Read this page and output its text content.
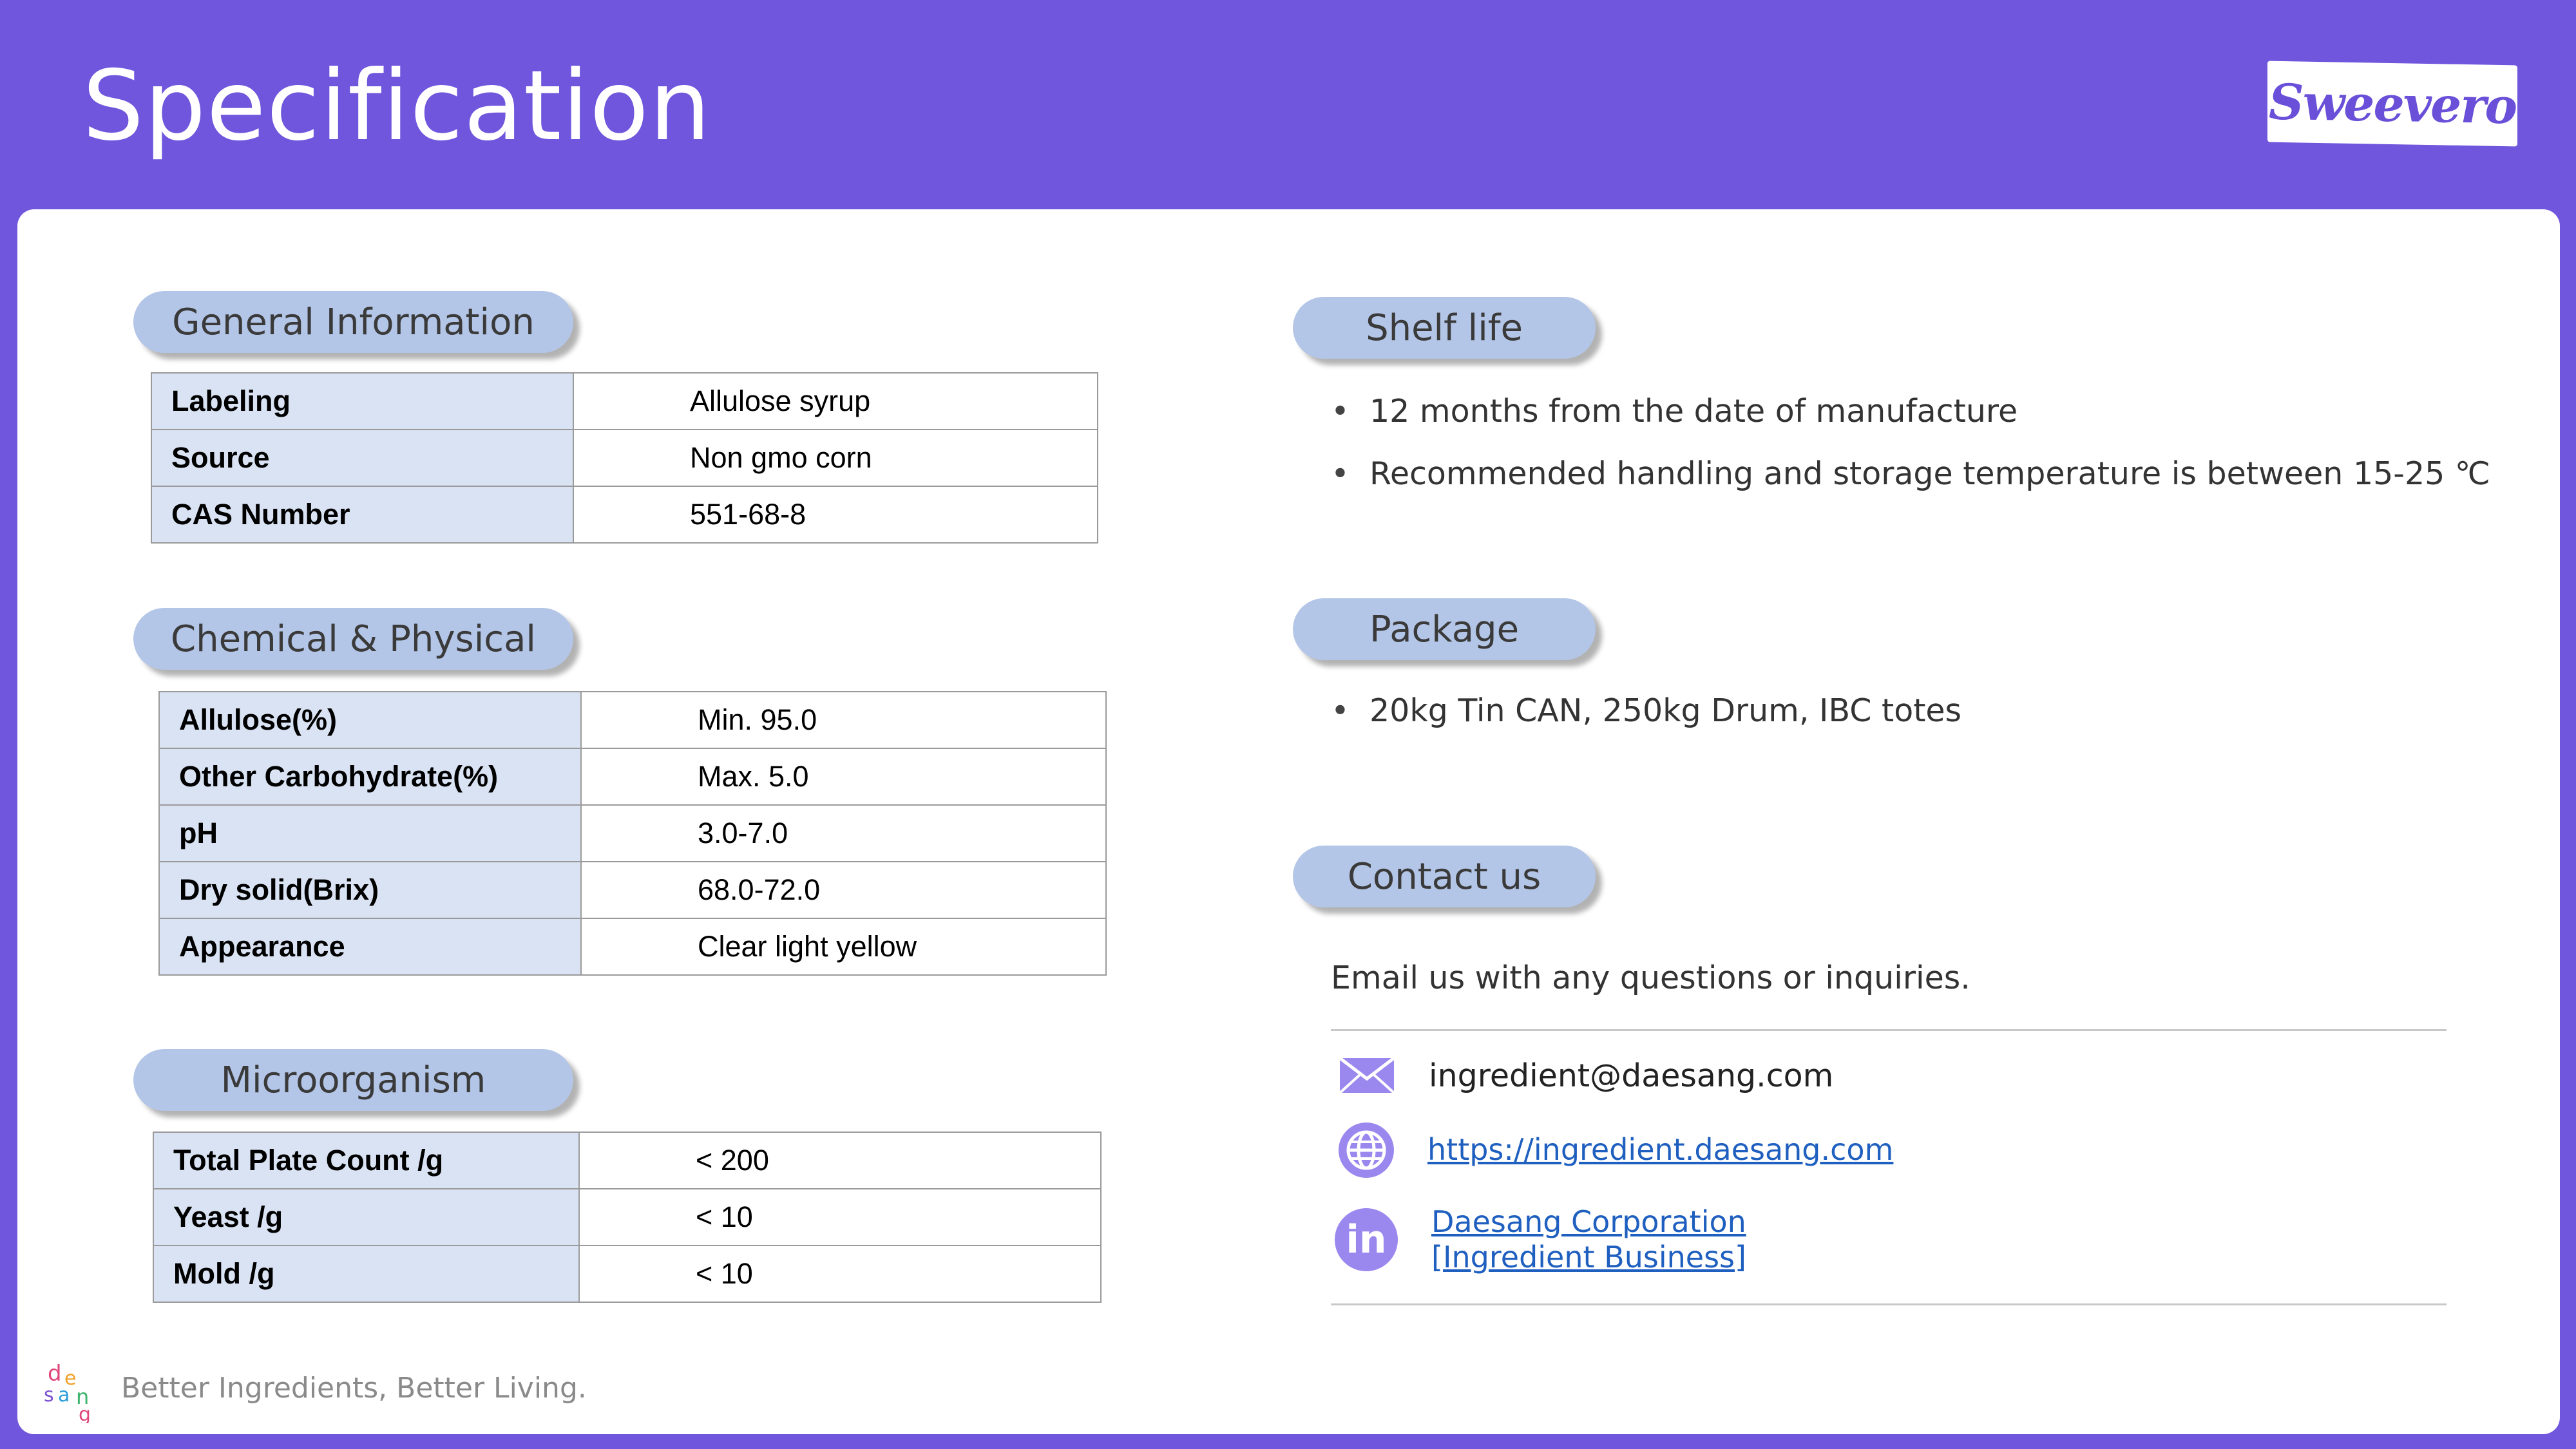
Specification	Sweevero
General Information
Labeling	Allulose syrup
Source	Non gmo corn
CAS Number	551-68-8
Chemical & Physical
Allulose(%)	Min. 95.0
Other Carbohydrate(%)	Max. 5.0
pH	3.0-7.0
Dry solid(Brix)	68.0-72.0
Appearance	Clear light yellow
Microorganism
Total Plate Count /g	< 200
Yeast /g	< 10
Mold /g	< 10
Shelf life
• 12 months from the date of manufacture
• Recommended handling and storage temperature is between 15-25 ℃
Package
• 20kg Tin CAN, 250kg Drum, IBC totes
Contact us
Email us with any questions or inquiries.
ingredient@daesang.com
https://ingredient.daesang.com
in Daesang Corporation
[Ingredient Business]
d e
s a n
g
Better Ingredients, Better Living.
